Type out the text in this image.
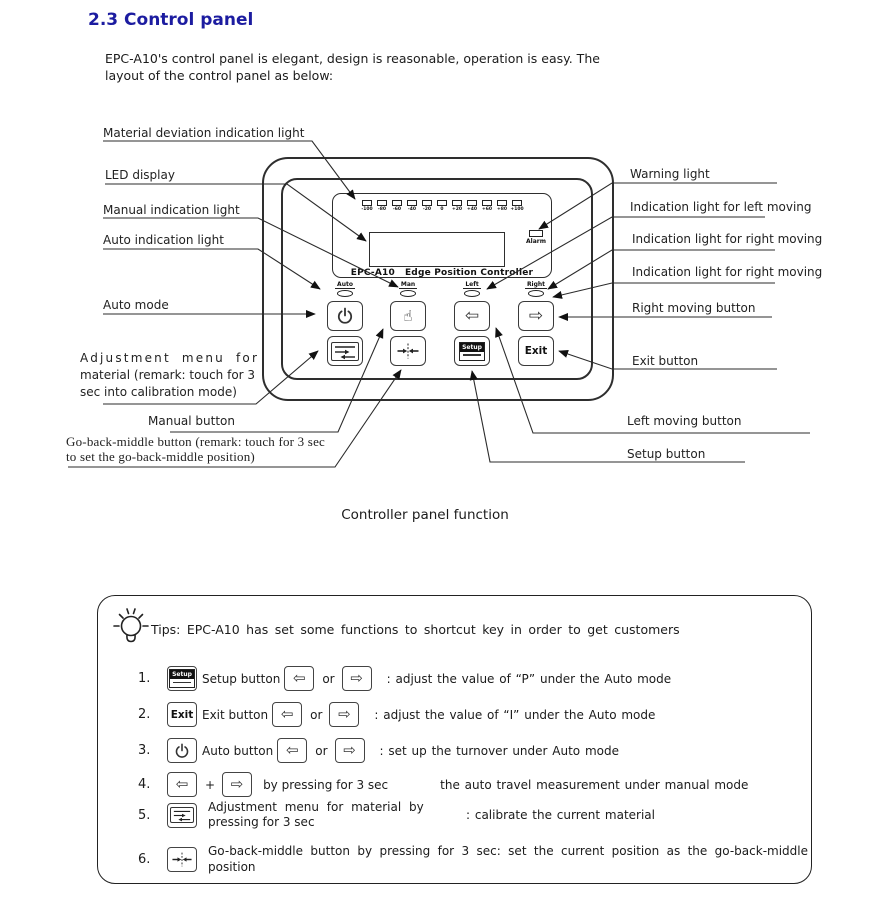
2.3 Control panel
EPC-A10's control panel is elegant, design is reasonable, operation is easy. The
layout of the control panel as below:
Material deviation indication light
LED display
Manual indication light
Auto indication light
Auto mode
Adjustment menu for
material (remark: touch for 3
sec into calibration mode)
Manual button
Go-back-middle button (remark: touch for 3 sec
to set the go-back-middle position)
Warning light
Indication light for left moving
Indication light for right moving
Indication light for right moving
Right moving button
Exit button
Left moving button
Setup button
-100 -80 -60 -40 -20 0 +20 +40 +60 +80 +100
Alarm
EPC-A10   Edge Position Controller
Auto	Man	Left	Right
☝	⇦	⇨
Setup	Exit
Controller panel function
Tips: EPC-A10 has set some functions to shortcut key in order to get customers
1.	Setup Setup button ⇦ or ⇨ : adjust the value of “P” under the Auto mode
2.	Exit Exit button ⇦ or ⇨ : adjust the value of “I” under the Auto mode
3.	Auto button ⇦ or ⇨ : set up the turnover under Auto mode
4.	⇦ + ⇨ by pressing for 3 sec	the auto travel measurement under manual mode
5.
Adjustment menu for material by
pressing for 3 sec	: calibrate the current material
6.
Go-back-middle button by pressing for 3 sec: set the current position as the go-back-middle position
